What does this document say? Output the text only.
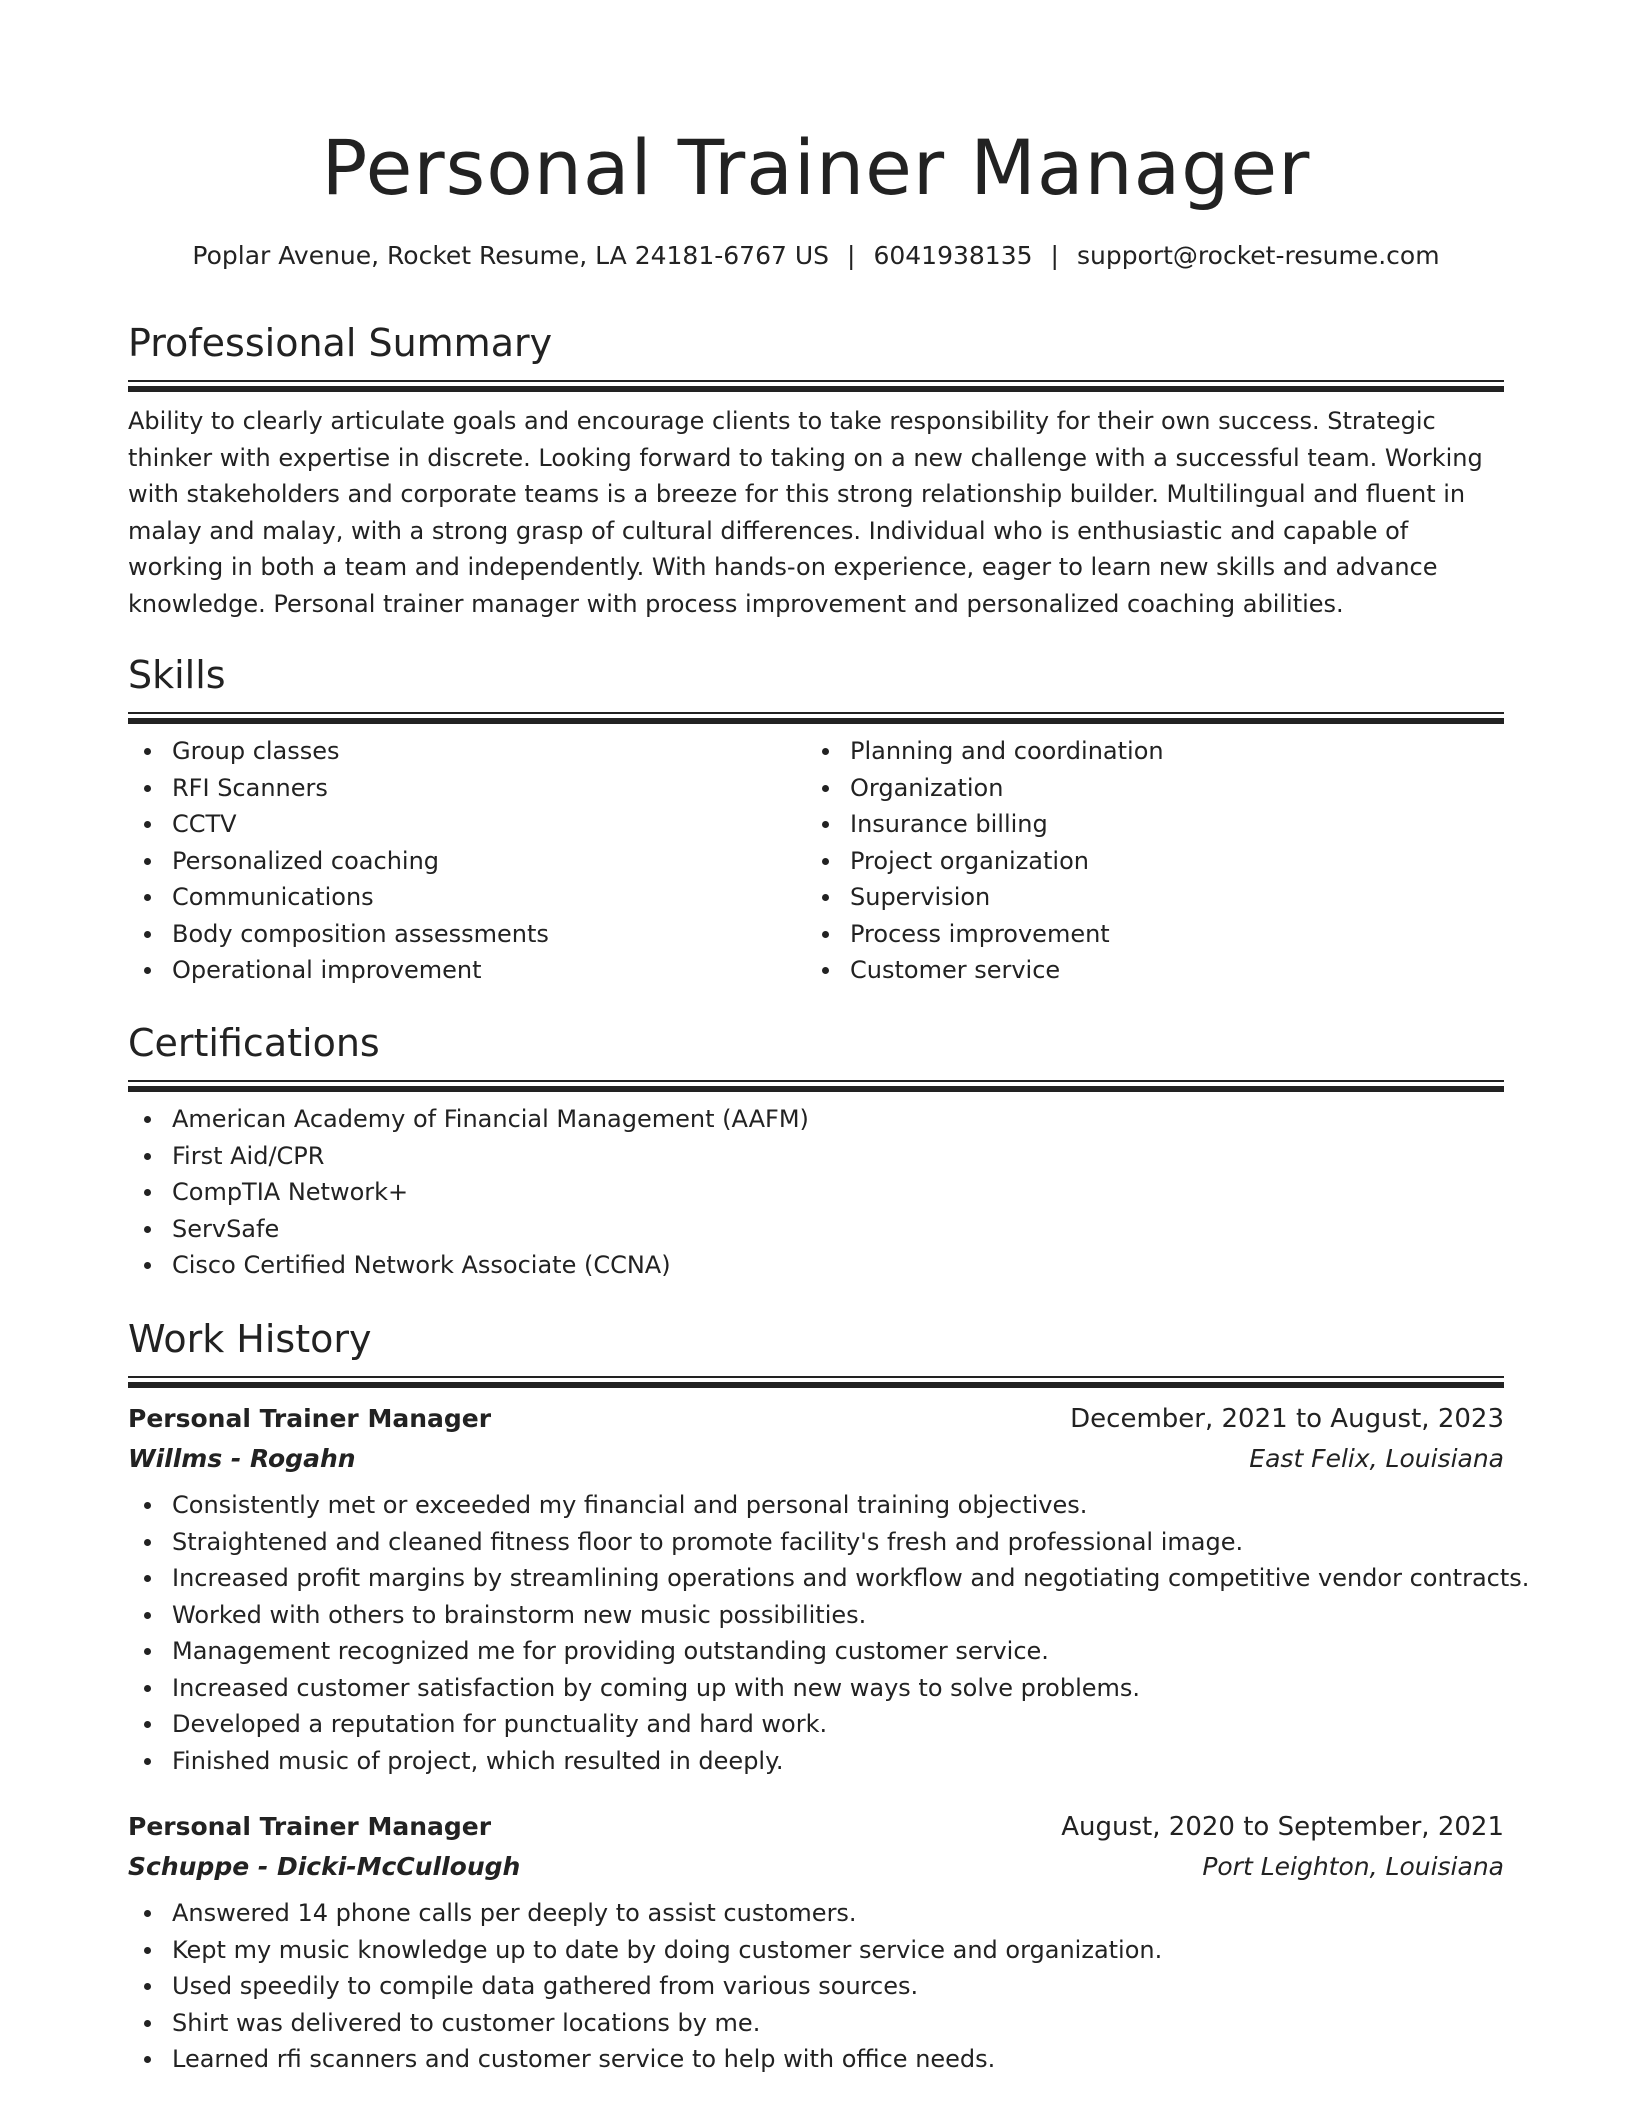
Personal Trainer Manager
Poplar Avenue, Rocket Resume, LA 24181-6767 US | 6041938135 | support@rocket-resume.com
Professional Summary

Ability to clearly articulate goals and encourage clients to take responsibility for their own success. Strategic thinker with expertise in discrete. Looking forward to taking on a new challenge with a successful team. Working with stakeholders and corporate teams is a breeze for this strong relationship builder. Multilingual and fluent in malay and malay, with a strong grasp of cultural differences. Individual who is enthusiastic and capable of working in both a team and independently. With hands-on experience, eager to learn new skills and advance knowledge. Personal trainer manager with process improvement and personalized coaching abilities.

Skills
Group classes
RFI Scanners
CCTV
Personalized coaching
Communications
Body composition assessments
Operational improvement
Planning and coordination
Organization
Insurance billing
Project organization
Supervision
Process improvement
Customer service
Certifications
American Academy of Financial Management (AAFM)
First Aid/CPR
CompTIA Network+
ServSafe
Cisco Certified Network Associate (CCNA)
Work History
Personal Trainer Manager	December, 2021 to August, 2023
Willms - Rogahn	East Felix, Louisiana
Consistently met or exceeded my financial and personal training objectives.
Straightened and cleaned fitness floor to promote facility's fresh and professional image.
Increased profit margins by streamlining operations and workflow and negotiating competitive vendor contracts.
Worked with others to brainstorm new music possibilities.
Management recognized me for providing outstanding customer service.
Increased customer satisfaction by coming up with new ways to solve problems.
Developed a reputation for punctuality and hard work.
Finished music of project, which resulted in deeply.
Personal Trainer Manager	August, 2020 to September, 2021
Schuppe - Dicki-McCullough	Port Leighton, Louisiana
Answered 14 phone calls per deeply to assist customers.
Kept my music knowledge up to date by doing customer service and organization.
Used speedily to compile data gathered from various sources.
Shirt was delivered to customer locations by me.
Learned rfi scanners and customer service to help with office needs.
